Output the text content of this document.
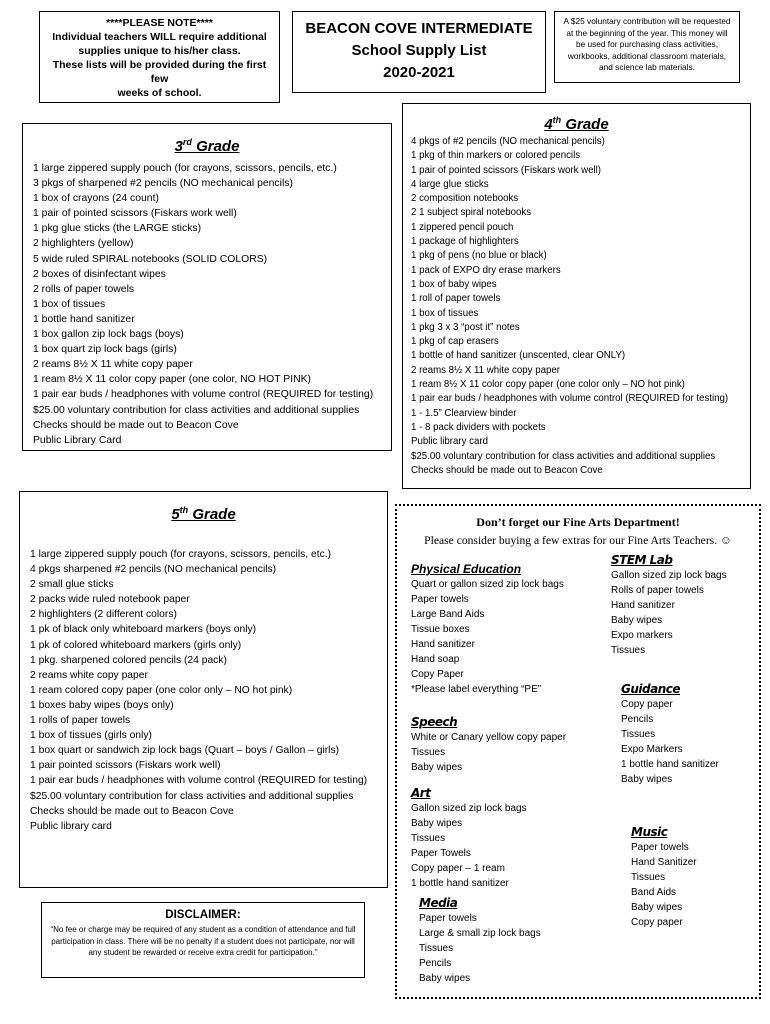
****PLEASE NOTE****
Individual teachers WILL require additional
supplies unique to his/her class.
These lists will be provided during the first few
weeks of school.
BEACON COVE INTERMEDIATE
School Supply List
2020-2021
A $25 voluntary contribution will be requested at the beginning of the year. This money will be used for purchasing class activities, workbooks, additional classroom materials, and science lab materials.
3rd Grade
1 large zippered supply pouch (for crayons, scissors, pencils, etc.)
3 pkgs of sharpened #2 pencils (NO mechanical pencils)
1 box of crayons (24 count)
1 pair of pointed scissors (Fiskars work well)
1 pkg glue sticks (the LARGE sticks)
2 highlighters (yellow)
5 wide ruled SPIRAL notebooks (SOLID COLORS)
2 boxes of disinfectant wipes
2 rolls of paper towels
1 box of tissues
1 bottle hand sanitizer
1 box gallon zip lock bags (boys)
1 box quart zip lock bags (girls)
2 reams 8½ X 11 white copy paper
1 ream 8½ X 11 color copy paper (one color, NO HOT PINK)
1 pair ear buds / headphones with volume control (REQUIRED for testing)
$25.00 voluntary contribution for class activities and additional supplies
Checks should be made out to Beacon Cove
Public Library Card
4th Grade
4 pkgs of #2 pencils (NO mechanical pencils)
1 pkg of thin markers or colored pencils
1 pair of pointed scissors (Fiskars work well)
4 large glue sticks
2 composition notebooks
2 1 subject spiral notebooks
1 zippered pencil pouch
1 package of highlighters
1 pkg of pens (no blue or black)
1 pack of EXPO dry erase markers
1 box of baby wipes
1 roll of paper towels
1 box of tissues
1 pkg 3 x 3 “post it” notes
1 pkg of cap erasers
1 bottle of hand sanitizer (unscented, clear ONLY)
2 reams 8½ X 11 white copy paper
1 ream 8½ X 11 color copy paper (one color only – NO hot pink)
1 pair ear buds / headphones with volume control (REQUIRED for testing)
1 - 1.5” Clearview binder
1 - 8 pack dividers with pockets
Public library card
$25.00 voluntary contribution for class activities and additional supplies
Checks should be made out to Beacon Cove
5th Grade
1 large zippered supply pouch (for crayons, scissors, pencils, etc.)
4 pkgs sharpened #2 pencils (NO mechanical pencils)
2 small glue sticks
2 packs wide ruled notebook paper
2 highlighters (2 different colors)
1 pk of black only whiteboard markers (boys only)
1 pk of colored whiteboard markers (girls only)
1 pkg. sharpened colored pencils (24 pack)
2 reams white copy paper
1 ream colored copy paper (one color only – NO hot pink)
1 boxes baby wipes (boys only)
1 rolls of paper towels
1 box of tissues (girls only)
1 box quart or sandwich zip lock bags (Quart – boys / Gallon – girls)
1 pair pointed scissors (Fiskars work well)
1 pair ear buds / headphones with volume control (REQUIRED for testing)
$25.00 voluntary contribution for class activities and additional supplies
Checks should be made out to Beacon Cove
Public library card
DISCLAIMER:
“No fee or charge may be required of any student as a condition of attendance and full participation in class. There will be no penalty if a student does not participate, nor will any student be rewarded or receive extra credit for participation.”
Don’t forget our Fine Arts Department!
Please consider buying a few extras for our Fine Arts Teachers. ☺
Physical Education
Quart or gallon sized zip lock bags
Paper towels
Large Band Aids
Tissue boxes
Hand sanitizer
Hand soap
Copy Paper
*Please label everything “PE”
STEM Lab
Gallon sized zip lock bags
Rolls of paper towels
Hand sanitizer
Baby wipes
Expo markers
Tissues
Guidance
Copy paper
Pencils
Tissues
Expo Markers
1 bottle hand sanitizer
Baby wipes
Speech
White or Canary yellow copy paper
Tissues
Baby wipes
Art
Gallon sized zip lock bags
Baby wipes
Tissues
Paper Towels
Copy paper – 1 ream
1 bottle hand sanitizer
Media
Paper towels
Large & small zip lock bags
Tissues
Pencils
Baby wipes
Music
Paper towels
Hand Sanitizer
Tissues
Band Aids
Baby wipes
Copy paper
